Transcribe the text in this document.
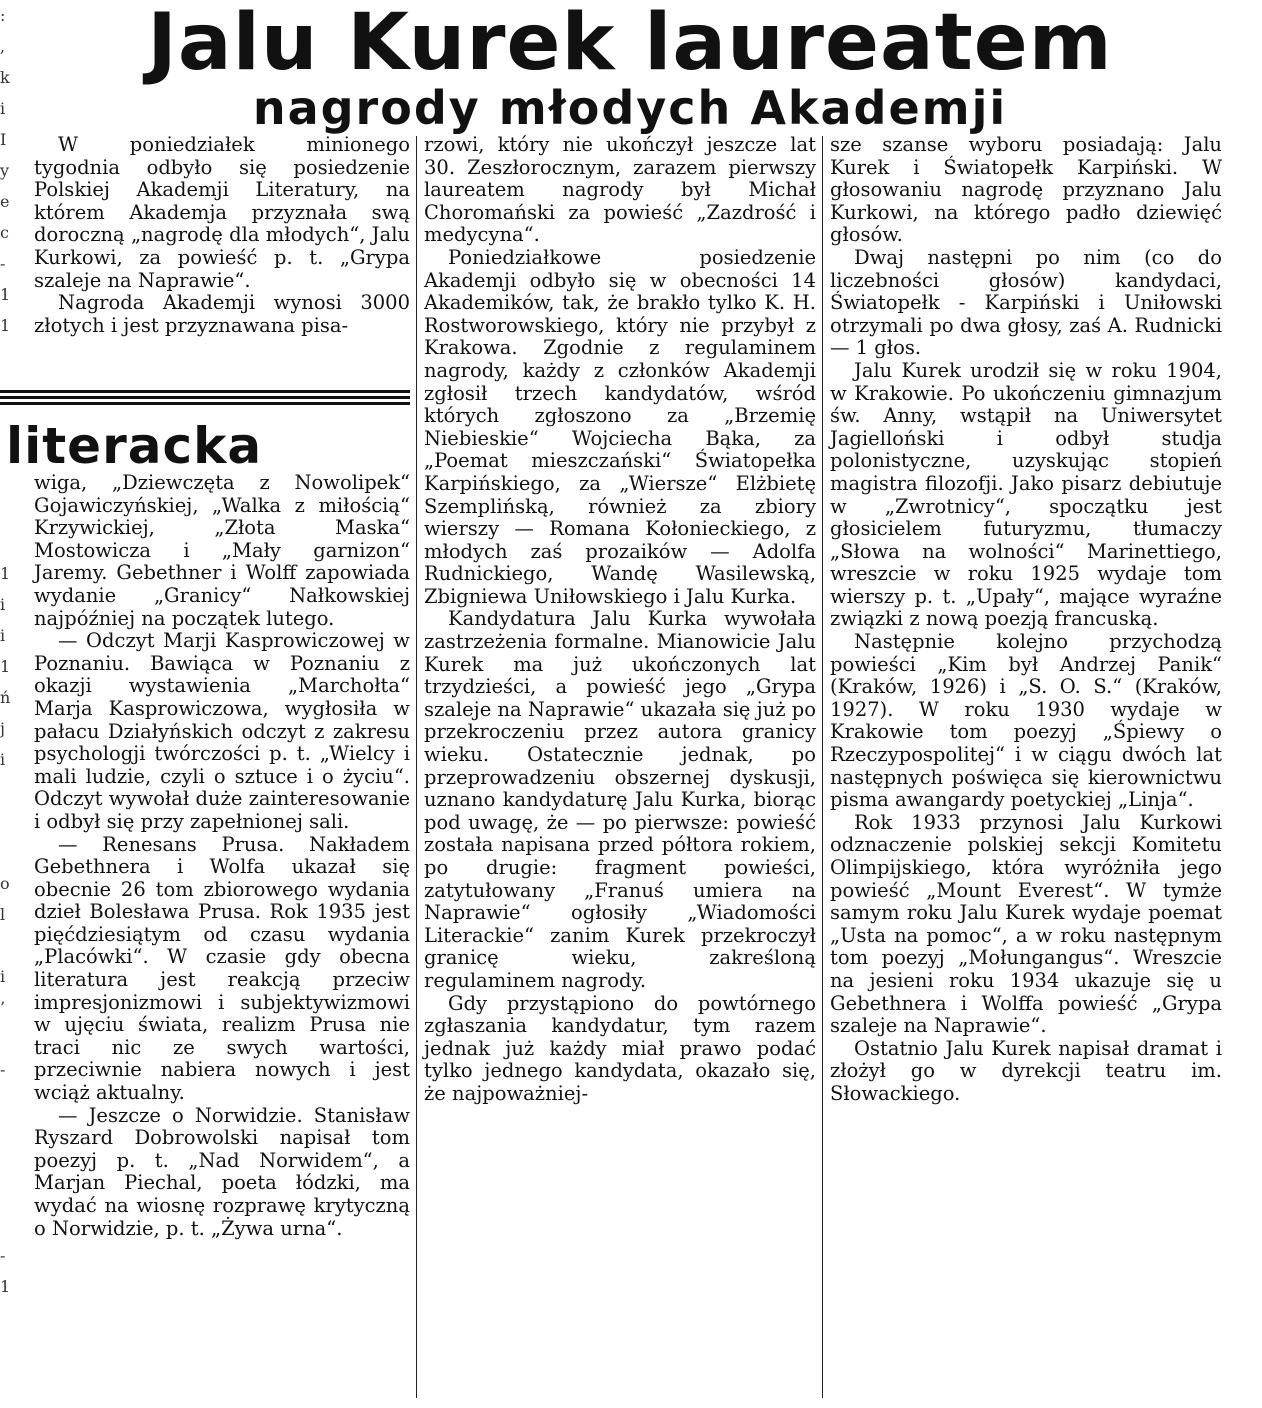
:
,
k
i
I
y
e
c
-
1
1

1
i
i
1
ń
j
i

o
l

i
’

-

-
1
Jalu Kurek laureatem
nagrody młodych Akademji

W poniedziałek minionego tygodnia odbyło się posiedzenie Polskiej Akademji Literatury, na którem Akademja przyznała swą doroczną „nagrodę dla młodych“, Jalu Kurkowi, za powieść p. t. „Grypa szaleje na Naprawie“.

Nagroda Akademji wynosi 3000 złotych i jest przyznawana pisa-

literacka

wiga, „Dziewczęta z Nowolipek“ Gojawiczyńskiej, „Walka z miłością“ Krzywickiej, „Złota Maska“ Mostowicza i „Mały garnizon“ Jaremy. Gebethner i Wolff zapowiada wydanie „Granicy“ Nałkowskiej najpóźniej na początek lutego.

— Odczyt Marji Kasprowiczowej w Poznaniu. Bawiąca w Poznaniu z okazji wystawienia „Marchołta“ Marja Kasprowiczowa, wygłosiła w pałacu Działyńskich odczyt z zakresu psychologji twórczości p. t. „Wielcy i mali ludzie, czyli o sztuce i o życiu“. Odczyt wywołał duże zainteresowanie i odbył się przy zapełnionej sali.

— Renesans Prusa. Nakładem Gebethnera i Wolfa ukazał się obecnie 26 tom zbiorowego wydania dzieł Bolesława Prusa. Rok 1935 jest pięćdziesiątym od czasu wydania „Placówki“. W czasie gdy obecna literatura jest reakcją przeciw impresjonizmowi i subjektywizmowi w ujęciu świata, realizm Prusa nie traci nic ze swych wartości, przeciwnie nabiera nowych i jest wciąż aktualny.

— Jeszcze o Norwidzie. Stanisław Ryszard Dobrowolski napisał tom poezyj p. t. „Nad Norwidem“, a Marjan Piechal, poeta łódzki, ma wydać na wiosnę rozprawę krytyczną o Norwidzie, p. t. „Żywa urna“.

rzowi, który nie ukończył jeszcze lat 30. Zeszłorocznym, zarazem pierwszy laureatem nagrody był Michał Choromański za powieść „Zazdrość i medycyna“.

Poniedziałkowe posiedzenie Akademji odbyło się w obecności 14 Akademików, tak, że brakło tylko K. H. Rostworowskiego, który nie przybył z Krakowa. Zgodnie z regulaminem nagrody, każdy z członków Akademji zgłosił trzech kandydatów, wśród których zgłoszono za „Brzemię Niebieskie“ Wojciecha Bąka, za „Poemat mieszczański“ Światopełka Karpińskiego, za „Wiersze“ Elżbietę Szemplińską, również za zbiory wierszy — Romana Kołonieckiego, z młodych zaś prozaików — Adolfa Rudnickiego, Wandę Wasilewską, Zbigniewa Uniłowskiego i Jalu Kurka.

Kandydatura Jalu Kurka wywołała zastrzeżenia formalne. Mianowicie Jalu Kurek ma już ukończonych lat trzydzieści, a powieść jego „Grypa szaleje na Naprawie“ ukazała się już po przekroczeniu przez autora granicy wieku. Ostatecznie jednak, po przeprowadzeniu obszernej dyskusji, uznano kandydaturę Jalu Kurka, biorąc pod uwagę, że — po pierwsze: powieść została napisana przed półtora rokiem, po drugie: fragment powieści, zatytułowany „Franuś umiera na Naprawie“ ogłosiły „Wiadomości Literackie“ zanim Kurek przekroczył granicę wieku, zakreśloną regulaminem nagrody.

Gdy przystąpiono do powtórnego zgłaszania kandydatur, tym razem jednak już każdy miał prawo podać tylko jednego kandydata, okazało się, że najpoważniej-

sze szanse wyboru posiadają: Jalu Kurek i Światopełk Karpiński. W głosowaniu nagrodę przyznano Jalu Kurkowi, na którego padło dziewięć głosów.

Dwaj następni po nim (co do liczebności głosów) kandydaci, Światopełk - Karpiński i Uniłowski otrzymali po dwa głosy, zaś A. Rudnicki — 1 głos.

Jalu Kurek urodził się w roku 1904, w Krakowie. Po ukończeniu gimnazjum św. Anny, wstąpił na Uniwersytet Jagielloński i odbył studja polonistyczne, uzyskując stopień magistra filozofji. Jako pisarz debiutuje w „Zwrotnicy“, spoczątku jest głosicielem futuryzmu, tłumaczy „Słowa na wolności“ Marinettiego, wreszcie w roku 1925 wydaje tom wierszy p. t. „Upały“, mające wyraźne związki z nową poezją francuską.

Następnie kolejno przychodzą powieści „Kim był Andrzej Panik“ (Kraków, 1926) i „S. O. S.“ (Kraków, 1927). W roku 1930 wydaje w Krakowie tom poezyj „Śpiewy o Rzeczypospolitej“ i w ciągu dwóch lat następnych poświęca się kierownictwu pisma awangardy poetyckiej „Linja“.

Rok 1933 przynosi Jalu Kurkowi odznaczenie polskiej sekcji Komitetu Olimpijskiego, która wyróżniła jego powieść „Mount Everest“. W tymże samym roku Jalu Kurek wydaje poemat „Usta na pomoc“, a w roku następnym tom poezyj „Mołungangus“. Wreszcie na jesieni roku 1934 ukazuje się u Gebethnera i Wolffa powieść „Grypa szaleje na Naprawie“.

Ostatnio Jalu Kurek napisał dramat i złożył go w dyrekcji teatru im. Słowackiego.
